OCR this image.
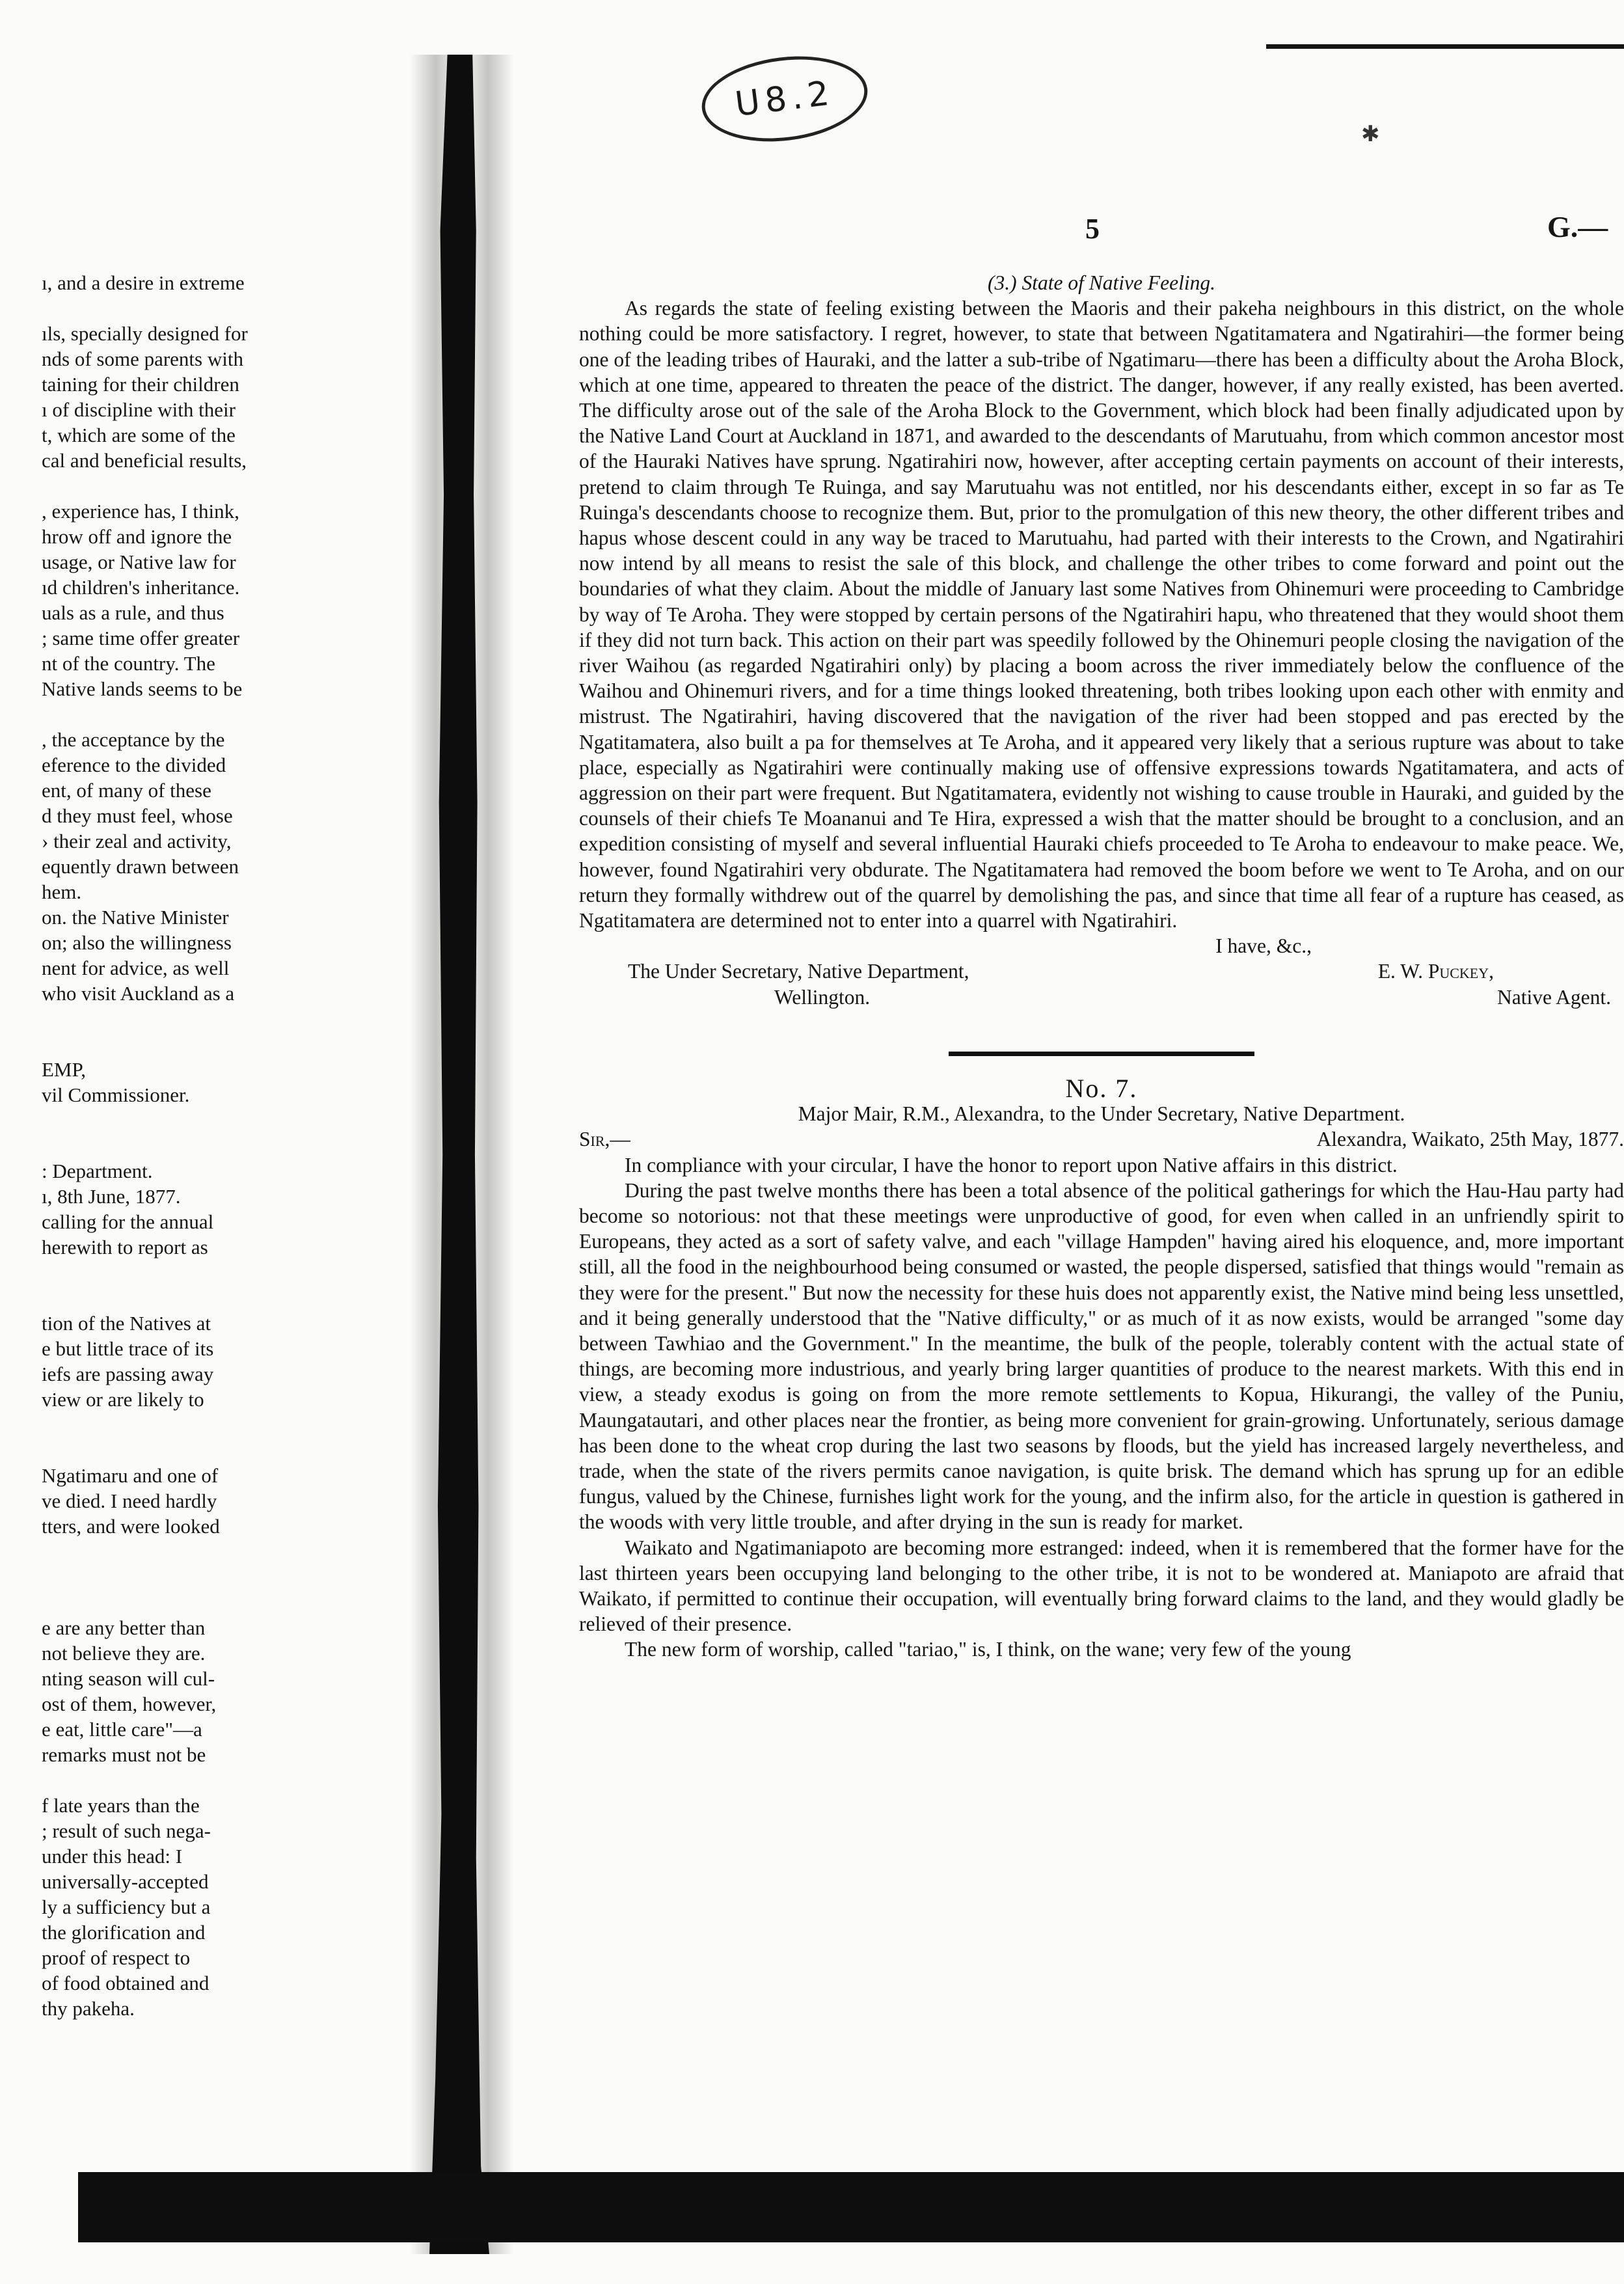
U8.2
✱
5	G.—
ı, and a desire in extreme
ıls, specially designed for
nds of some parents with
taining for their children
ı of discipline with their
t, which are some of the
cal and beneficial results,
, experience has, I think,
hrow off and ignore the
usage, or Native law for
ıd children's inheritance.
uals as a rule, and thus
; same time offer greater
nt of the country. The
Native lands seems to be
, the acceptance by the
eference to the divided
ent, of many of these
d they must feel, whose
› their zeal and activity,
equently drawn between
hem.
on. the Native Minister
on; also the willingness
nent for advice, as well
who visit Auckland as a
EMP,
vil Commissioner.
: Department.
ı, 8th June, 1877.
calling for the annual
herewith to report as
tion of the Natives at
e but little trace of its
iefs are passing away
view or are likely to
Ngatimaru and one of
ve died. I need hardly
tters, and were looked
e are any better than
not believe they are.
nting season will cul-
ost of them, however,
e eat, little care"—a
remarks must not be
f late years than the
; result of such nega-
under this head: I
universally-accepted
ly a sufficiency but a
the glorification and
proof of respect to
of food obtained and
thy pakeha.

(3.) State of Native Feeling.

As regards the state of feeling existing between the Maoris and their pakeha neighbours in this district, on the whole nothing could be more satisfactory. I regret, however, to state that between Ngatitamatera and Ngatirahiri—the former being one of the leading tribes of Hauraki, and the latter a sub-tribe of Ngatimaru—there has been a difficulty about the Aroha Block, which at one time, appeared to threaten the peace of the district. The danger, however, if any really existed, has been averted. The difficulty arose out of the sale of the Aroha Block to the Government, which block had been finally adjudicated upon by the Native Land Court at Auckland in 1871, and awarded to the descendants of Marutuahu, from which common ancestor most of the Hauraki Natives have sprung. Ngatirahiri now, however, after accepting certain payments on account of their interests, pretend to claim through Te Ruinga, and say Marutuahu was not entitled, nor his descendants either, except in so far as Te Ruinga's descendants choose to recognize them. But, prior to the promulgation of this new theory, the other different tribes and hapus whose descent could in any way be traced to Marutuahu, had parted with their interests to the Crown, and Ngatirahiri now intend by all means to resist the sale of this block, and challenge the other tribes to come forward and point out the boundaries of what they claim. About the middle of January last some Natives from Ohinemuri were proceeding to Cambridge by way of Te Aroha. They were stopped by certain persons of the Ngatirahiri hapu, who threatened that they would shoot them if they did not turn back. This action on their part was speedily followed by the Ohinemuri people closing the navigation of the river Waihou (as regarded Ngatirahiri only) by placing a boom across the river immediately below the confluence of the Waihou and Ohinemuri rivers, and for a time things looked threatening, both tribes looking upon each other with enmity and mistrust. The Ngatirahiri, having discovered that the navigation of the river had been stopped and pas erected by the Ngatitamatera, also built a pa for themselves at Te Aroha, and it appeared very likely that a serious rupture was about to take place, especially as Ngatirahiri were continually making use of offensive expressions towards Ngatitamatera, and acts of aggression on their part were frequent. But Ngatitamatera, evidently not wishing to cause trouble in Hauraki, and guided by the counsels of their chiefs Te Moananui and Te Hira, expressed a wish that the matter should be brought to a conclusion, and an expedition consisting of myself and several influential Hauraki chiefs proceeded to Te Aroha to endeavour to make peace. We, however, found Ngatirahiri very obdurate. The Ngatitamatera had removed the boom before we went to Te Aroha, and on our return they formally withdrew out of the quarrel by demolishing the pas, and since that time all fear of a rupture has ceased, as Ngatitamatera are determined not to enter into a quarrel with Ngatirahiri.

I have, &c.,

The Under Secretary, Native Department,	E. W. Puckey,
Wellington.	Native Agent.

No. 7.

Major Mair, R.M., Alexandra, to the Under Secretary, Native Department.

Sir,—	Alexandra, Waikato, 25th May, 1877.

In compliance with your circular, I have the honor to report upon Native affairs in this district.

During the past twelve months there has been a total absence of the political gatherings for which the Hau-Hau party had become so notorious: not that these meetings were unproductive of good, for even when called in an unfriendly spirit to Europeans, they acted as a sort of safety valve, and each "village Hampden" having aired his eloquence, and, more important still, all the food in the neighbourhood being consumed or wasted, the people dispersed, satisfied that things would "remain as they were for the present." But now the necessity for these huis does not apparently exist, the Native mind being less unsettled, and it being generally understood that the "Native difficulty," or as much of it as now exists, would be arranged "some day between Tawhiao and the Government." In the meantime, the bulk of the people, tolerably content with the actual state of things, are becoming more industrious, and yearly bring larger quantities of produce to the nearest markets. With this end in view, a steady exodus is going on from the more remote settlements to Kopua, Hikurangi, the valley of the Puniu, Maungatautari, and other places near the frontier, as being more convenient for grain-growing. Unfortunately, serious damage has been done to the wheat crop during the last two seasons by floods, but the yield has increased largely nevertheless, and trade, when the state of the rivers permits canoe navigation, is quite brisk. The demand which has sprung up for an edible fungus, valued by the Chinese, furnishes light work for the young, and the infirm also, for the article in question is gathered in the woods with very little trouble, and after drying in the sun is ready for market.

Waikato and Ngatimaniapoto are becoming more estranged: indeed, when it is remembered that the former have for the last thirteen years been occupying land belonging to the other tribe, it is not to be wondered at. Maniapoto are afraid that Waikato, if permitted to continue their occupation, will eventually bring forward claims to the land, and they would gladly be relieved of their presence.

The new form of worship, called "tariao," is, I think, on the wane; very few of the young
